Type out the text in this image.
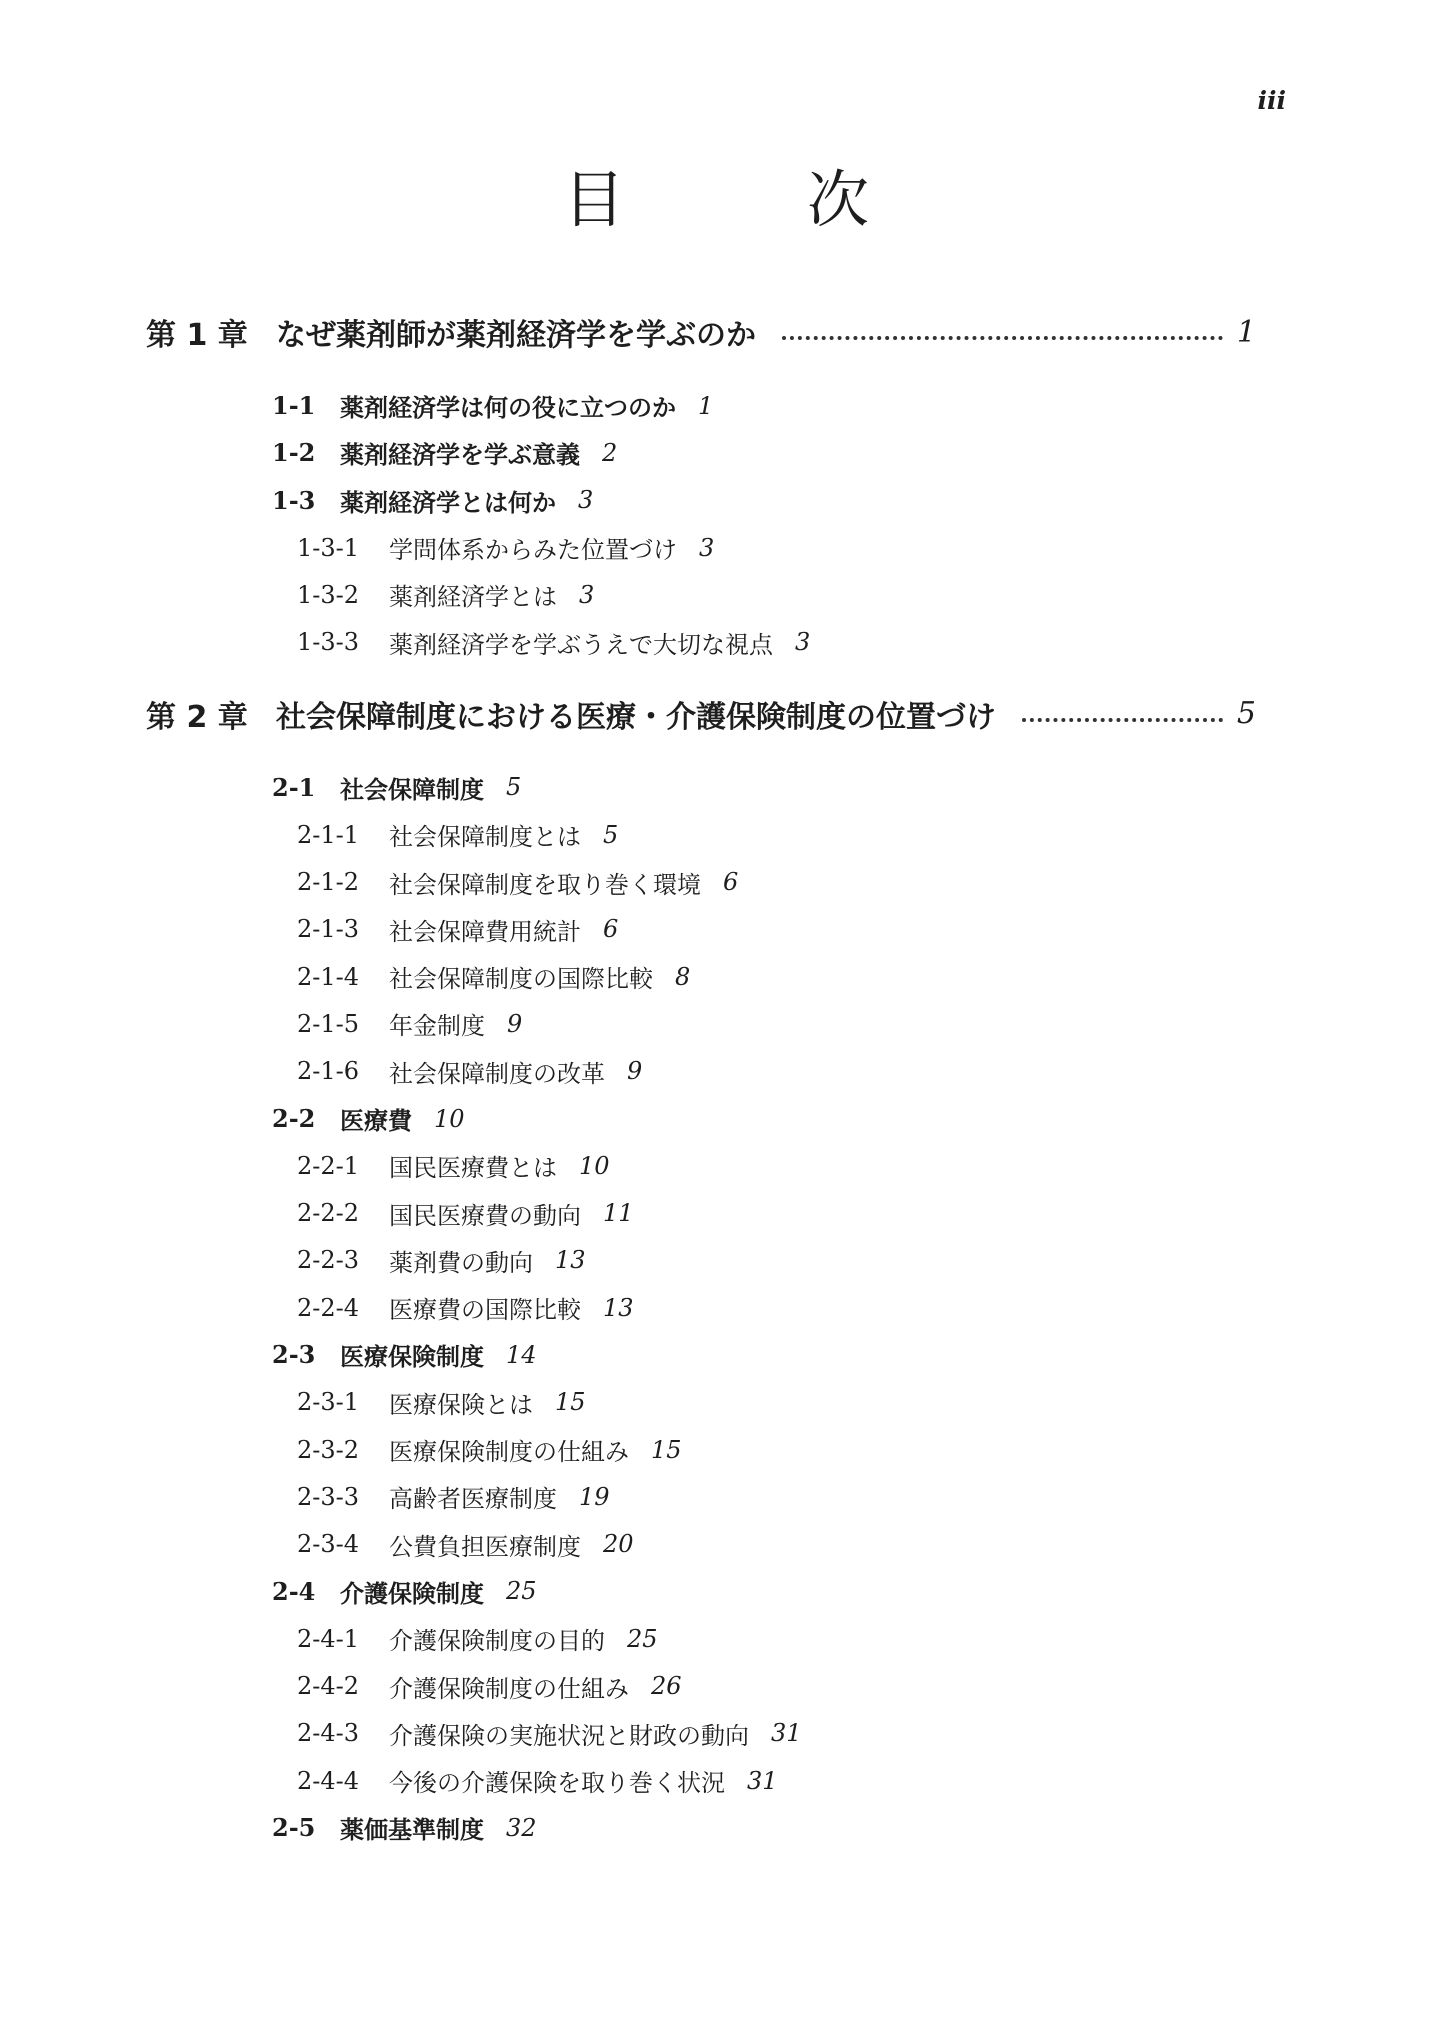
iii
目　次
第 1 章 なぜ薬剤師が薬剤経済学を学ぶのか	1
1-1	薬剤経済学は何の役に立つのか 1
1-2	薬剤経済学を学ぶ意義 2
1-3	薬剤経済学とは何か 3
1-3-1	学問体系からみた位置づけ 3
1-3-2	薬剤経済学とは 3
1-3-3	薬剤経済学を学ぶうえで大切な視点 3
第 2 章 社会保障制度における医療・介護保険制度の位置づけ	5
2-1	社会保障制度 5
2-1-1	社会保障制度とは 5
2-1-2	社会保障制度を取り巻く環境 6
2-1-3	社会保障費用統計 6
2-1-4	社会保障制度の国際比較 8
2-1-5	年金制度 9
2-1-6	社会保障制度の改革 9
2-2	医療費 10
2-2-1	国民医療費とは 10
2-2-2	国民医療費の動向 11
2-2-3	薬剤費の動向 13
2-2-4	医療費の国際比較 13
2-3	医療保険制度 14
2-3-1	医療保険とは 15
2-3-2	医療保険制度の仕組み 15
2-3-3	高齢者医療制度 19
2-3-4	公費負担医療制度 20
2-4	介護保険制度 25
2-4-1	介護保険制度の目的 25
2-4-2	介護保険制度の仕組み 26
2-4-3	介護保険の実施状況と財政の動向 31
2-4-4	今後の介護保険を取り巻く状況 31
2-5	薬価基準制度 32
